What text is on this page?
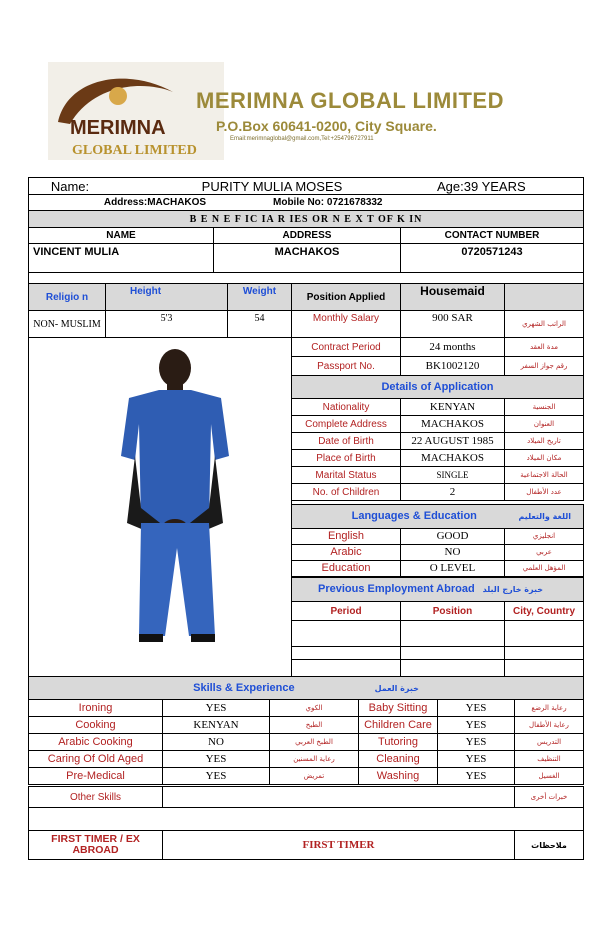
MERIMNA
GLOBAL LIMITED
MERIMNA GLOBAL LIMITED
P.O.Box 60641-0200, City Square.
Email:merimnaglobal@gmail.com,Tel:+254796727911
Name:	PURITY MULIA MOSES	Age:39 YEARS
Address:MACHAKOS	Mobile No: 0721678332
B E N E F IC IA R IES OR N E X T OF K IN
NAME	ADDRESS	CONTACT NUMBER
VINCENT MULIA	MACHAKOS	0720571243
Religio n	Height	Weight	Position Applied	Housemaid
NON- MUSLIM	5'3	54	Monthly Salary	900 SAR	الراتب الشهري
Contract Period	24 months	مدة العقد
Passport No.	BK1002120	رقم جواز السفر
Details of Application
Nationality	KENYAN	الجنسية
Complete Address	MACHAKOS	العنوان
Date of Birth	22 AUGUST 1985	تاريخ الميلاد
Place of Birth	MACHAKOS	مكان الميلاد
Marital Status	SINGLE	الحالة الاجتماعية
No. of Children	2	عدد الأطفال
Languages & Education	اللغة والتعليم
English	GOOD	انجليزي
Arabic	NO	عربي
Education	O LEVEL	المؤهل العلمي
Previous Employment Abroad خبرة خارج البلد
Period	Position	City, Country
Skills & Experience	خبرة العمل
Ironing	YES	الكوي	Baby Sitting	YES	رعاية الرضع
Cooking	KENYAN	الطبخ	Children Care	YES	رعاية الأطفال
Arabic Cooking	NO	الطبخ العربي	Tutoring	YES	التدريس
Caring Of Old Aged	YES	رعاية المسنين	Cleaning	YES	التنظيف
Pre-Medical	YES	تمريض	Washing	YES	الغسيل
Other Skills	خبرات أخرى
FIRST TIMER / EX ABROAD	FIRST TIMER	ملاحظات
